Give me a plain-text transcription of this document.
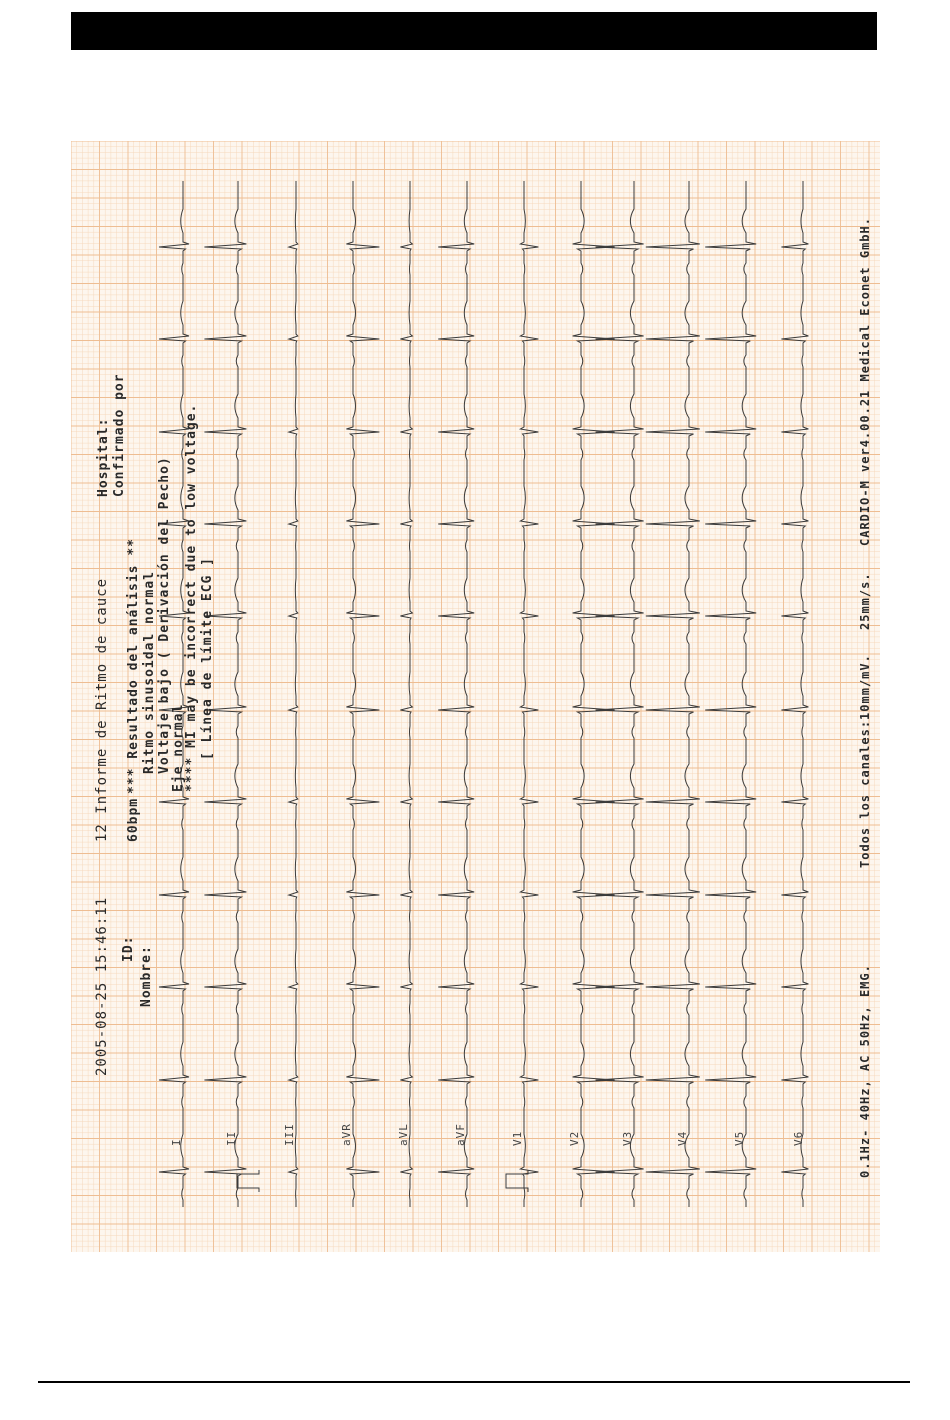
2005-08-25 15:46:11
12 Informe de Ritmo de cauce
Hospital: Confirmado por
ID: Nombre:
60bpm
*** Resultado del análisis ** Ritmo sinusoidal normal Voltaje bajo ( Derivación del Pecho) Eje normal
**** MI may be incorrect due to low voltage. [ Línea de límite ECG ]
I	II	III	aVR	aVL	aVF	V1	V2	V3	V4	V5	V6	0.1Hz- 40Hz, AC 50Hz, EMG.
Todos los canales:10mm/mV.
25mm/s.
CARDIO-M ver4.00.21 Medical Econet GmbH.
